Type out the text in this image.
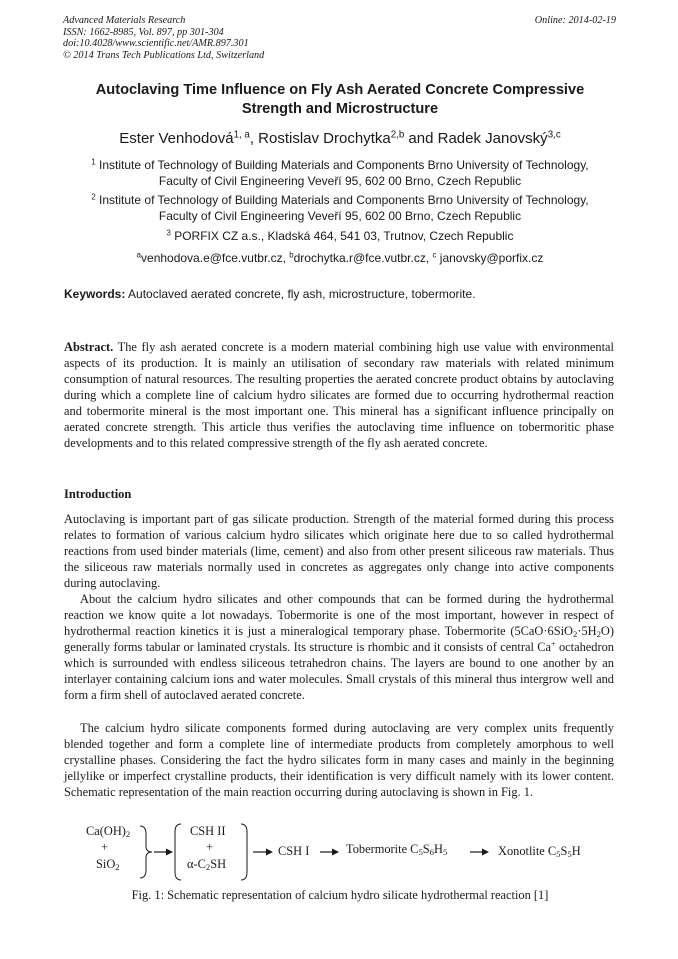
Advanced Materials Research
ISSN: 1662-8985, Vol. 897, pp 301-304
doi:10.4028/www.scientific.net/AMR.897.301
© 2014 Trans Tech Publications Ltd, Switzerland
Online: 2014-02-19
Autoclaving Time Influence on Fly Ash Aerated Concrete Compressive
Strength and Microstructure
Ester Venhodová$^{1, a}$, Rostislav Drochytka$^{2,b}$ and Radek Janovský$^{3,c}$
$^1$ Institute of Technology of Building Materials and Components Brno University of Technology,
Faculty of Civil Engineering Veveří 95, 602 00 Brno, Czech Republic
$^2$ Institute of Technology of Building Materials and Components Brno University of Technology,
Faculty of Civil Engineering Veveří 95, 602 00 Brno, Czech Republic
$^3$ PORFIX CZ a.s., Kladská 464, 541 03, Trutnov, Czech Republic
$^a$venhodova.e@fce.vutbr.cz, $^b$drochytka.r@fce.vutbr.cz, $^c$ janovsky@porfix.cz
Keywords: Autoclaved aerated concrete, fly ash, microstructure, tobermorite.
Abstract. The fly ash aerated concrete is a modern material combining high use value with environmental aspects of its production. It is mainly an utilisation of secondary raw materials with related minimum consumption of natural resources. The resulting properties the aerated concrete product obtains by autoclaving during which a complete line of calcium hydro silicates are formed due to occurring hydrothermal reaction and tobermorite mineral is the most important one. This mineral has a significant influence principally on aerated concrete strength. This article thus verifies the autoclaving time influence on tobermoritic phase developments and to this related compressive strength of the fly ash aerated concrete.
Introduction
Autoclaving is important part of gas silicate production. Strength of the material formed during this process relates to formation of various calcium hydro silicates which originate here due to so called hydrothermal reactions from used binder materials (lime, cement) and also from other present siliceous raw materials. Thus the siliceous raw materials normally used in concretes as aggregates only change into active components during autoclaving.
About the calcium hydro silicates and other compounds that can be formed during the hydrothermal reaction we know quite a lot nowadays. Tobermorite is one of the most important, however in respect of hydrothermal reaction kinetics it is just a mineralogical temporary phase. Tobermorite $(5CaO\cdot 6SiO_2\cdot 5H_2O)$ generally forms tabular or laminated crystals. Its structure is rhombic and it consists of central Ca+ octahedron which is surrounded with endless siliceous tetrahedron chains. The layers are bound to one another by an interlayer containing calcium ions and water molecules. Small crystals of this mineral thus intergrow well and form a firm shell of autoclaved aerated concrete.
The calcium hydro silicate components formed during autoclaving are very complex units frequently blended together and form a complete line of intermediate products from completely amorphous to well crystalline phases. Considering the fact the hydro silicates form in many cases and mainly in the beginning jellylike or imperfect crystalline products, their identification is very difficult namely with its lower content. Schematic representation of the main reaction occurring during autoclaving is shown in Fig. 1.
$Ca(OH)_2$
+
SiO$_2$
CSH II
+
$\alpha-C_2SH$
CSH I	Tobermorite $C_5S_6H_5$	Xonotlite $C_5S_5H$
Fig. 1: Schematic representation of calcium hydro silicate hydrothermal reaction [1]
